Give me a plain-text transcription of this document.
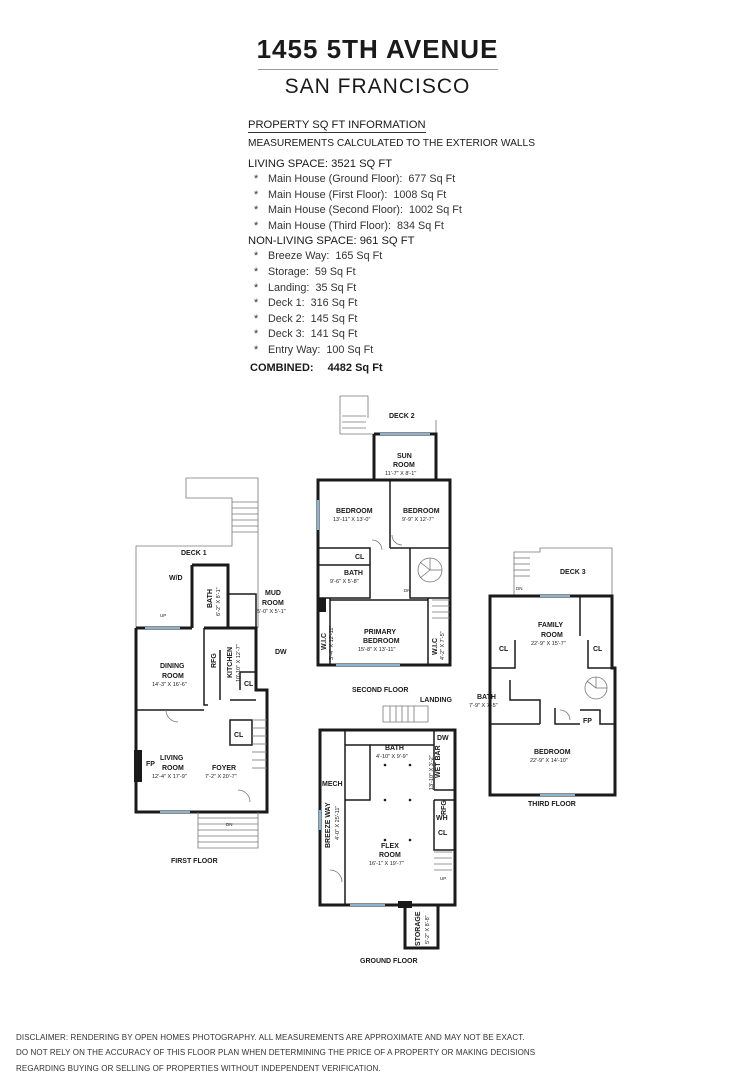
1455 5TH AVENUE
SAN FRANCISCO
PROPERTY SQ FT INFORMATION
MEASUREMENTS CALCULATED TO THE EXTERIOR WALLS
LIVING SPACE: 3521 SQ FT
* Main House (Ground Floor): 677 Sq Ft
* Main House (First Floor): 1008 Sq Ft
* Main House (Second Floor): 1002 Sq Ft
* Main House (Third Floor): 834 Sq Ft
NON-LIVING SPACE: 961 SQ FT
* Breeze Way: 165 Sq Ft
* Storage: 59 Sq Ft
* Landing: 35 Sq Ft
* Deck 1: 316 Sq Ft
* Deck 2: 145 Sq Ft
* Deck 3: 141 Sq Ft
* Entry Way: 100 Sq Ft
COMBINED: 4482 Sq Ft
DECK 1
W/D
BATH 6'-2" X 8'-1"	MUD
ROOM
5'-0" X 5'-1"
DINING
ROOM
14'-3" X 16'-6"
RFG KITCHEN 10'-10" X 12'-7"	DW
CL
CL
LIVING
ROOM
12'-4" X 17'-9"
FP
FOYER
7'-2" X 20'-7"
UP
DN
FIRST FLOOR
DECK 2
SUN
ROOM
11'-7" X 8'-1"
BEDROOM
13'-11" X 13'-0"
BEDROOM
9'-9" X 12'-7"
CL
BATH
9'-6" X 5'-8"
PRIMARY
BEDROOM
15'-8" X 13'-11"
W.I.C 3'-4" X 12'-11"	W.I.C 4'-2" X 7'-5"
DN
SECOND FLOOR
LANDING
BATH
4'-10" X 9'-9"
DW
WET BAR
13'-10" X 3'-2"
MECH
BREEZE WAY 4'-0" X 25'-11"	RFG
WH
CL
FLEX
ROOM
16'-1" X 19'-7"
STORAGE 5'-2" X 8'-8"
UP
GROUND FLOOR
DECK 3
FAMILY
ROOM
22'-9" X 15'-7"
CL	CL
BATH
7'-9" X 7'-5"
FP
BEDROOM
22'-9" X 14'-10"
DN
THIRD FLOOR
DISCLAIMER: RENDERING BY OPEN HOMES PHOTOGRAPHY. ALL MEASUREMENTS ARE APPROXIMATE AND MAY NOT BE EXACT.
DO NOT RELY ON THE ACCURACY OF THIS FLOOR PLAN WHEN DETERMINING THE PRICE OF A PROPERTY OR MAKING DECISIONS
REGARDING BUYING OR SELLING OF PROPERTIES WITHOUT INDEPENDENT VERIFICATION.
